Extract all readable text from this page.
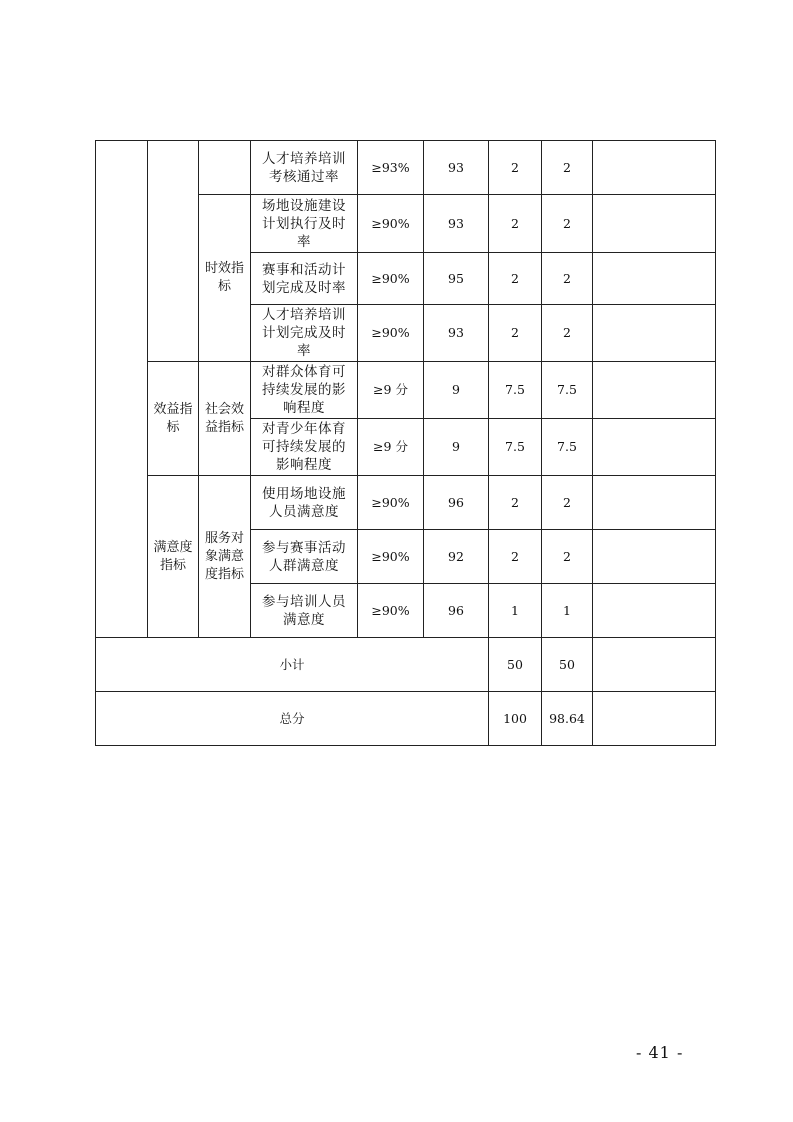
			人才培养培训考核通过率	≥93%	93	2	2	
		时效指标	场地设施建设计划执行及时率	≥90%	93	2	2	
			赛事和活动计划完成及时率	≥90%	95	2	2	
			人才培养培训计划完成及时率	≥90%	93	2	2	
	效益指标	社会效益指标	对群众体育可持续发展的影响程度	≥9 分	9	7.5	7.5	
			对青少年体育可持续发展的影响程度	≥9 分	9	7.5	7.5	
	满意度指标	服务对象满意度指标	使用场地设施人员满意度	≥90%	96	2	2	
			参与赛事活动人群满意度	≥90%	92	2	2	
			参与培训人员满意度	≥90%	96	1	1	
小计						50	50	
总分						100	98.64	
- 41 -
